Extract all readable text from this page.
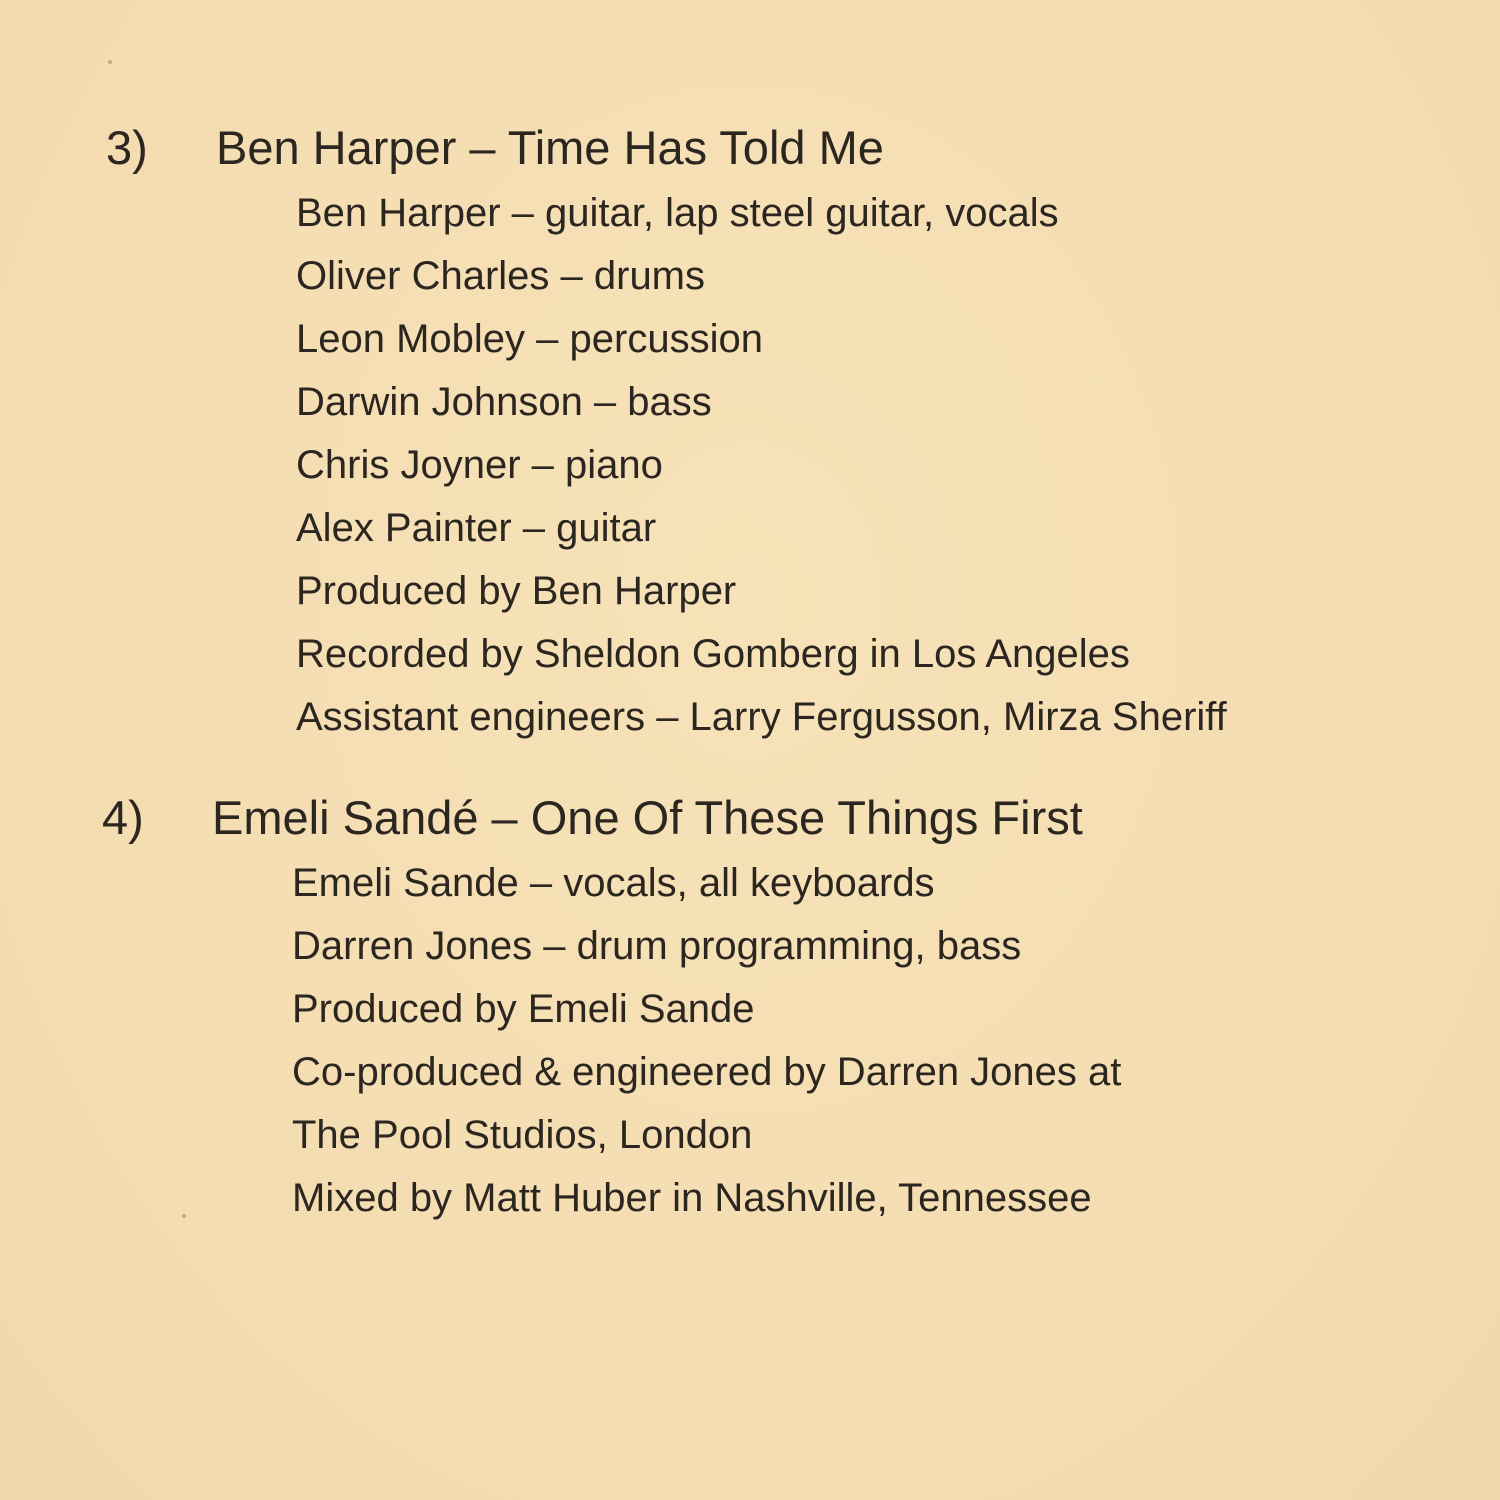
3)	Ben Harper – Time Has Told Me
Ben Harper – guitar, lap steel guitar, vocals
Oliver Charles – drums
Leon Mobley – percussion
Darwin Johnson – bass
Chris Joyner – piano
Alex Painter – guitar
Produced by Ben Harper
Recorded by Sheldon Gomberg in Los Angeles
Assistant engineers – Larry Fergusson, Mirza Sheriff
4)	Emeli Sandé – One Of These Things First
Emeli Sande – vocals, all keyboards
Darren Jones – drum programming, bass
Produced by Emeli Sande
Co-produced & engineered by Darren Jones at
The Pool Studios, London
Mixed by Matt Huber in Nashville, Tennessee
